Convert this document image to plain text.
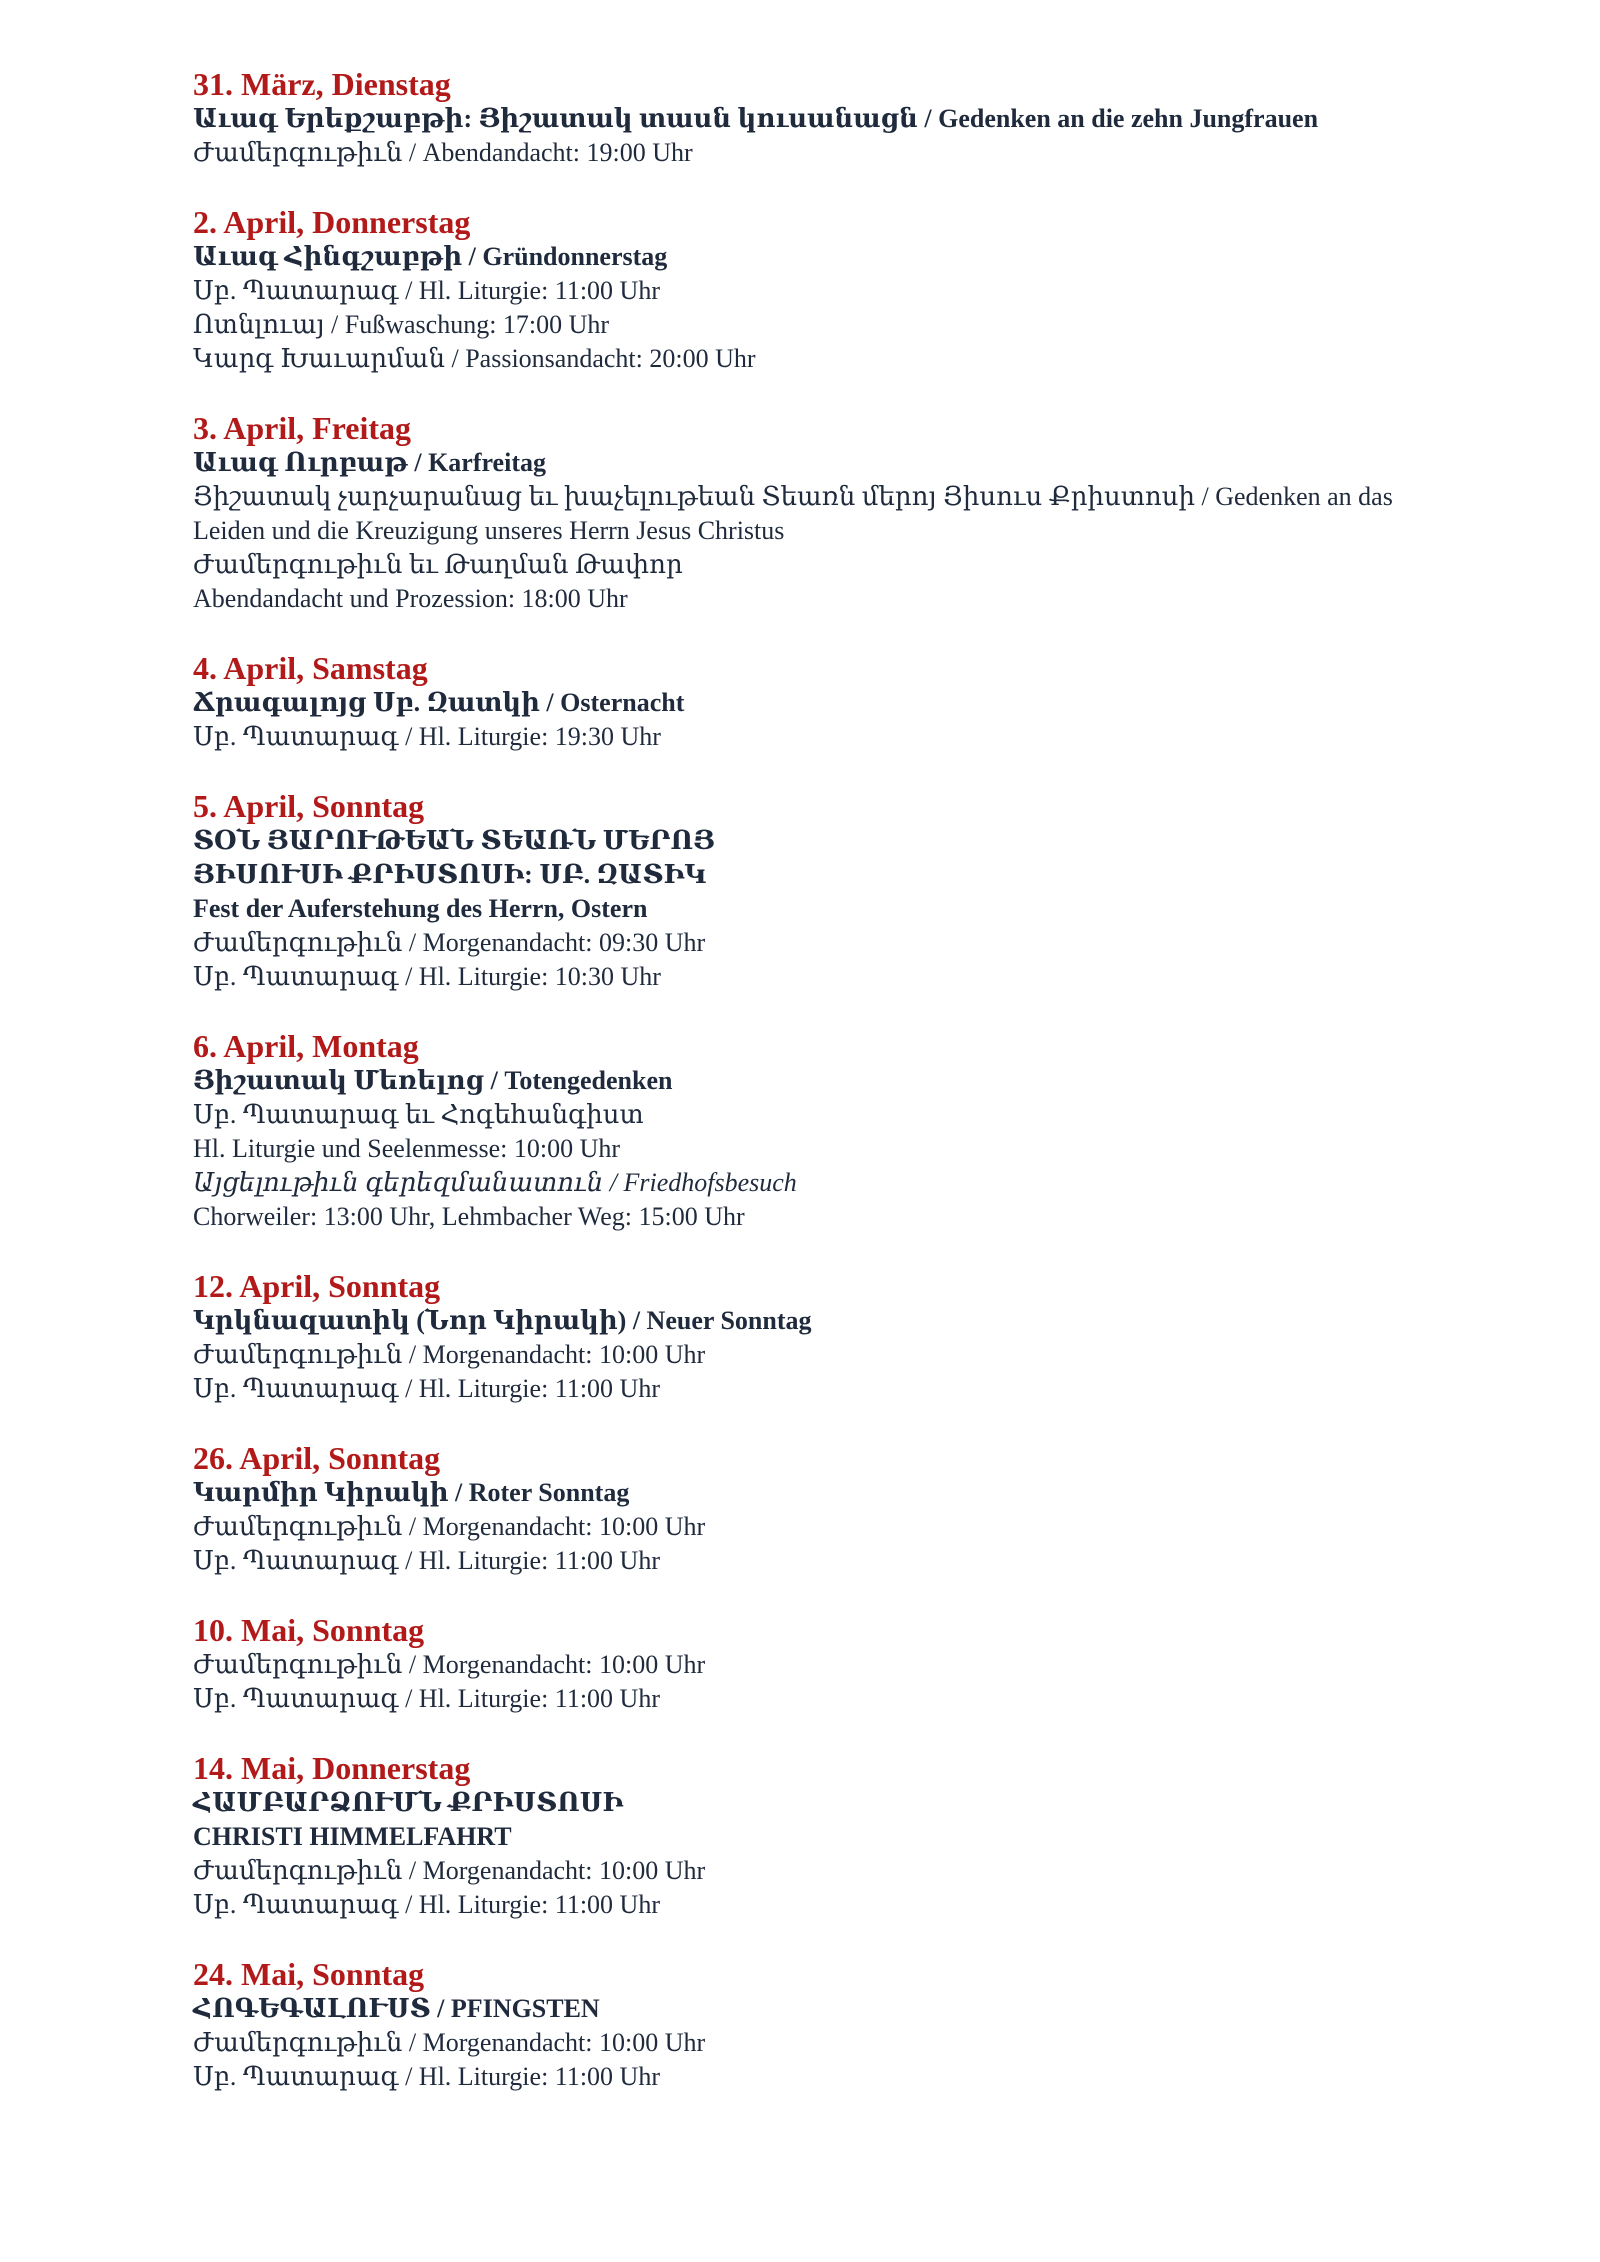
31. März, Dienstag
Աւագ Երեքշաբթի: Յիշատակ տասն կուսանացն / Gedenken an die zehn Jungfrauen
Ժամերգութիւն / Abendandacht: 19:00 Uhr
2. April, Donnerstag
Աւագ Հինգշաբթի / Gründonnerstag
Սբ. Պատարագ / Hl. Liturgie: 11:00 Uhr
Ոտնլուայ / Fußwaschung: 17:00 Uhr
Կարգ Խաւարման / Passionsandacht: 20:00 Uhr
3. April, Freitag
Աւագ Ուրբաթ / Karfreitag
Յիշատակ չարչարանաց եւ խաչելութեան Տեառն մերոյ Յիսուս Քրիստոսի / Gedenken an das
Leiden und die Kreuzigung unseres Herrn Jesus Christus
Ժամերգութիւն եւ Թաղման Թափոր
Abendandacht und Prozession: 18:00 Uhr
4. April, Samstag
Ճրագալոյց Սբ. Զատկի / Osternacht
Սբ. Պատարագ / Hl. Liturgie: 19:30 Uhr
5. April, Sonntag
ՏՕՆ ՅԱՐՈՒԹԵԱՆ ՏԵԱՌՆ ՄԵՐՈՅ
ՅԻՍՈՒՍԻ ՔՐԻՍՏՈՍԻ: ՍԲ. ԶԱՏԻԿ
Fest der Auferstehung des Herrn, Ostern
Ժամերգութիւն / Morgenandacht: 09:30 Uhr
Սբ. Պատարագ / Hl. Liturgie: 10:30 Uhr
6. April, Montag
Յիշատակ Մեռելոց / Totengedenken
Սբ. Պատարագ եւ Հոգեհանգիստ
Hl. Liturgie und Seelenmesse: 10:00 Uhr
Այցելութիւն գերեզմանատուն / Friedhofsbesuch
Chorweiler: 13:00 Uhr, Lehmbacher Weg: 15:00 Uhr
12. April, Sonntag
Կրկնազատիկ (Նոր Կիրակի) / Neuer Sonntag
Ժամերգութիւն / Morgenandacht: 10:00 Uhr
Սբ. Պատարագ / Hl. Liturgie: 11:00 Uhr
26. April, Sonntag
Կարմիր Կիրակի / Roter Sonntag
Ժամերգութիւն / Morgenandacht: 10:00 Uhr
Սբ. Պատարագ / Hl. Liturgie: 11:00 Uhr
10. Mai, Sonntag
Ժամերգութիւն / Morgenandacht: 10:00 Uhr
Սբ. Պատարագ / Hl. Liturgie: 11:00 Uhr
14. Mai, Donnerstag
ՀԱՄԲԱՐՁՈՒՄՆ ՔՐԻՍՏՈՍԻ
CHRISTI HIMMELFAHRT
Ժամերգութիւն / Morgenandacht: 10:00 Uhr
Սբ. Պատարագ / Hl. Liturgie: 11:00 Uhr
24. Mai, Sonntag
ՀՈԳԵԳԱԼՈՒՍՏ / PFINGSTEN
Ժամերգութիւն / Morgenandacht: 10:00 Uhr
Սբ. Պատարագ / Hl. Liturgie: 11:00 Uhr
